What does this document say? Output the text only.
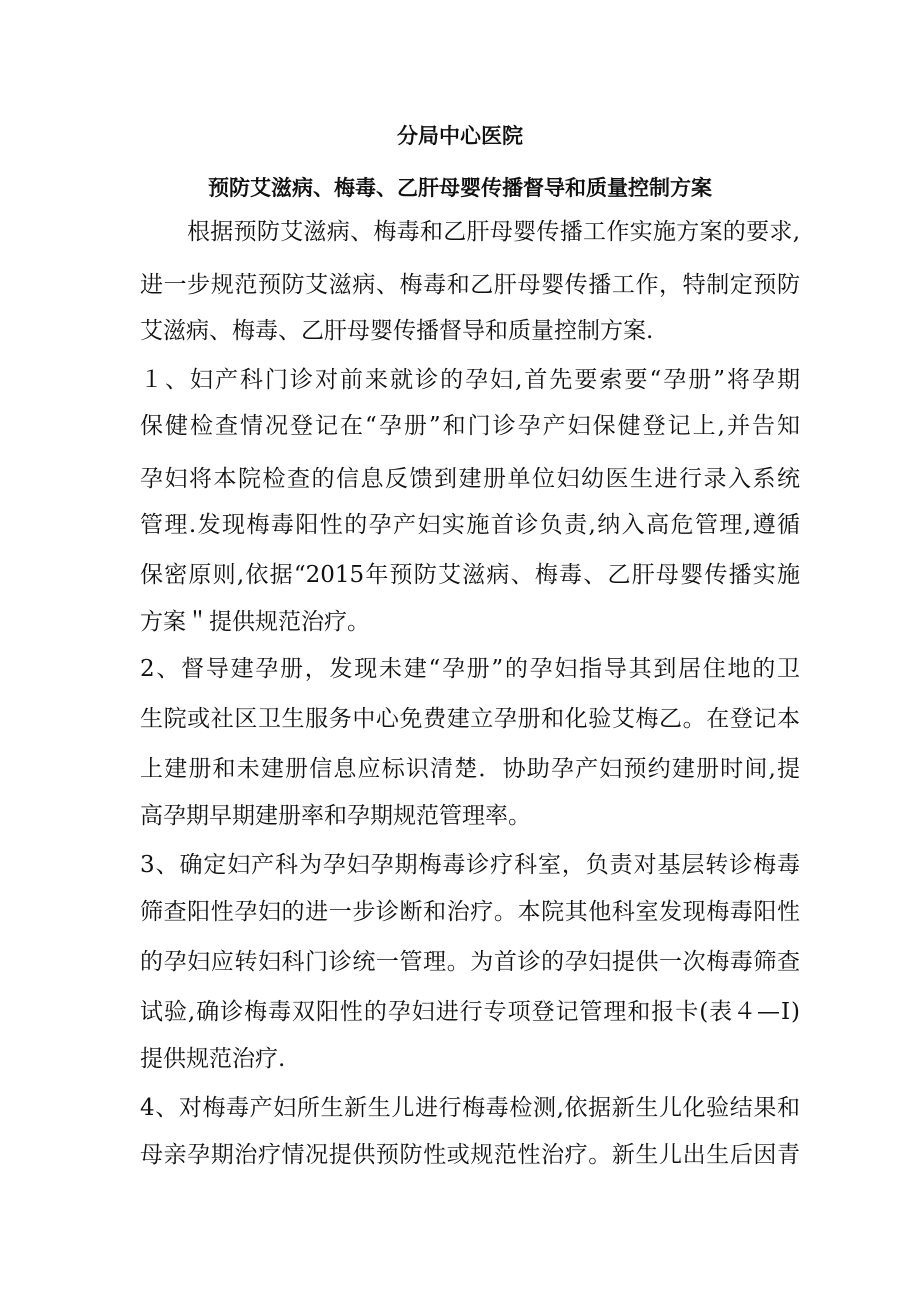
分局中心医院
预防艾滋病、梅毒、乙肝母婴传播督导和质量控制方案
根据预防艾滋病、梅毒和乙肝母婴传播工作实施方案的要求,
进一步规范预防艾滋病、梅毒和乙肝母婴传播工作，特制定预防
艾滋病、梅毒、乙肝母婴传播督导和质量控制方案.
１、妇产科门诊对前来就诊的孕妇,首先要索要“孕册”将孕期
保健检查情况登记在“孕册”和门诊孕产妇保健登记上,并告知
孕妇将本院检查的信息反馈到建册单位妇幼医生进行录入系统
管理.发现梅毒阳性的孕产妇实施首诊负责,纳入高危管理,遵循
保密原则,依据“2015年预防艾滋病、梅毒、乙肝母婴传播实施
方案＂提供规范治疗。
2、督导建孕册，发现未建“孕册”的孕妇指导其到居住地的卫
生院或社区卫生服务中心免费建立孕册和化验艾梅乙。在登记本
上建册和未建册信息应标识清楚．协助孕产妇预约建册时间,提
高孕期早期建册率和孕期规范管理率。
3、确定妇产科为孕妇孕期梅毒诊疗科室，负责对基层转诊梅毒
筛查阳性孕妇的进一步诊断和治疗。本院其他科室发现梅毒阳性
的孕妇应转妇科门诊统一管理。为首诊的孕妇提供一次梅毒筛查
试验,确诊梅毒双阳性的孕妇进行专项登记管理和报卡(表４—Ⅰ)
提供规范治疗.
4、对梅毒产妇所生新生儿进行梅毒检测,依据新生儿化验结果和
母亲孕期治疗情况提供预防性或规范性治疗。新生儿出生后因青
